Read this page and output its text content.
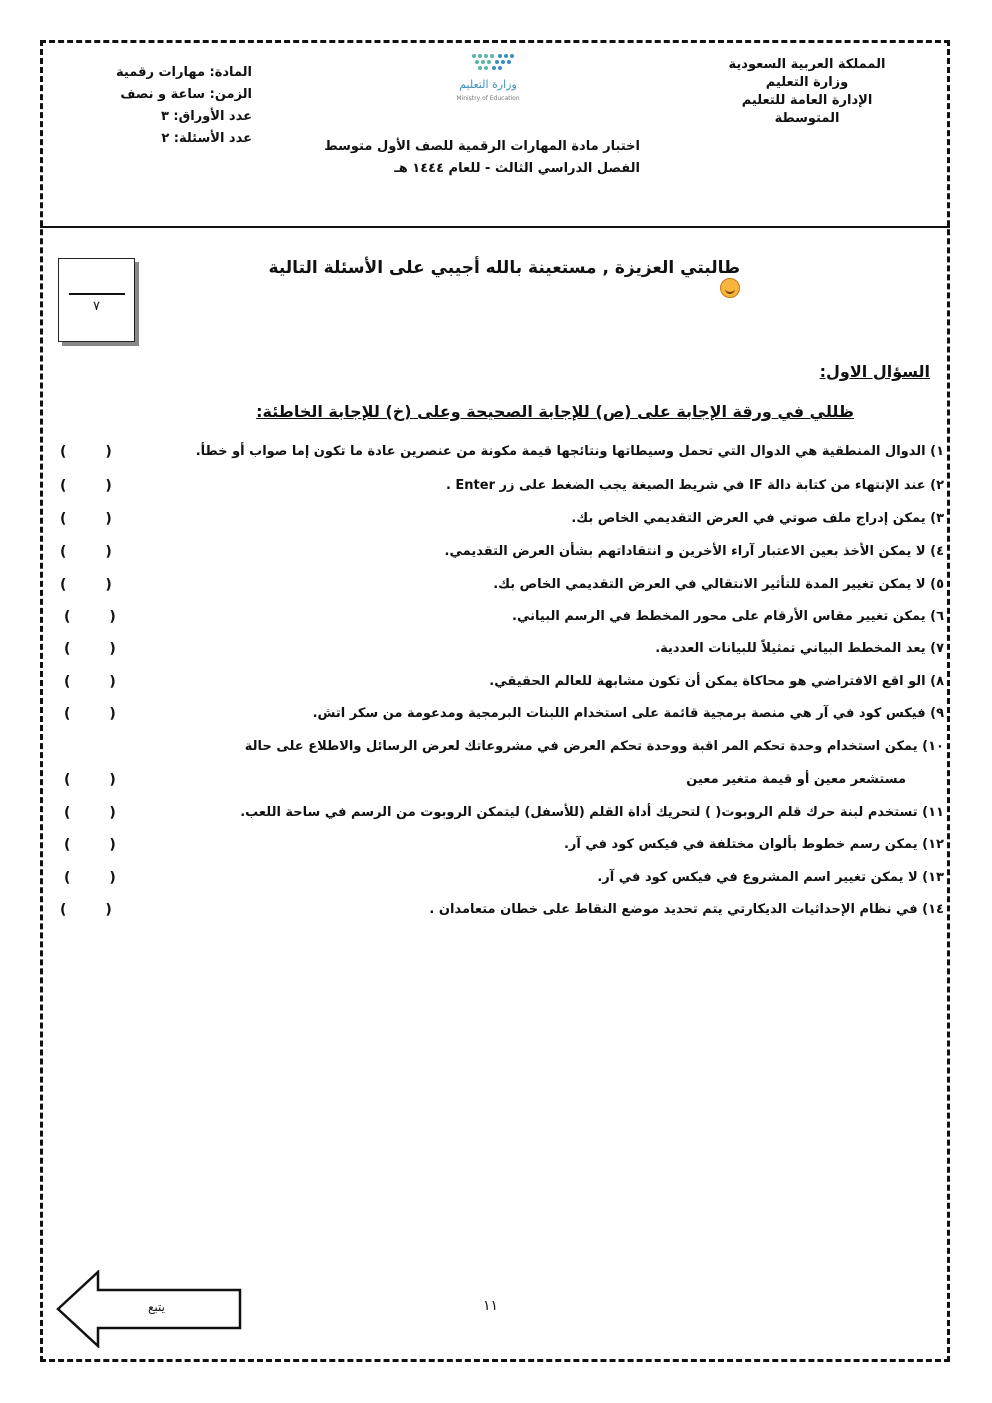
المملكة العربية السعودية
وزارة التعليم
الإدارة العامة للتعليم
المتوسطة
المادة: مهارات رقمية
الزمن: ساعة و نصف
عدد الأوراق: ٣
عدد الأسئلة: ٢
وزارة التعليم
Ministry of Education
اختبار مادة المهارات الرقمية للصف الأول متوسط
الفصل الدراسي الثالث - للعام ١٤٤٤ هـ
طالبتي العزيزة , مستعينة بالله أجيبي على الأسئلة التالية
٧
السؤال الاول:
ظللي في ورقة الإجابة على (ص) للإجابة الصحيحة وعلى (خ) للإجابة الخاطئة:
١) الدوال المنطقية هي الدوال التي تحمل وسيطاتها ونتائجها قيمة مكونة من عنصرين عادة ما تكون إما صواب أو خطأ.
٢) عند الإنتهاء من كتابة دالة IF في شريط الصيغة يجب الضغط على زر Enter .
٣) يمكن إدراج ملف صوتي في العرض التقديمي الخاص بك.
٤) لا يمكن الأخذ بعين الاعتبار آراء الأخرين و انتقاداتهم بشأن العرض التقديمي.
٥) لا يمكن تغيير المدة للتأثير الانتقالي في العرض التقديمي الخاص بك.
٦) يمكن تغيير مقاس الأرقام على محور المخطط في الرسم البياني.
٧) يعد المخطط البياني تمثيلاً للبيانات العددية.
٨) الو اقع الافتراضي هو محاكاة يمكن أن تكون مشابهة للعالم الحقيقي.
٩) فيكس كود في آر هي منصة برمجية قائمة على استخدام اللبنات البرمجية ومدعومة من سكر اتش.
١٠) يمكن استخدام وحدة تحكم المر اقبة ووحدة تحكم العرض في مشروعاتك لعرض الرسائل والاطلاع على حالة
مستشعر معين أو قيمة متغير معين
١١) تستخدم لبنة حرك قلم الروبوت( ) لتحريك أداة القلم (للأسفل) ليتمكن الروبوت من الرسم في ساحة اللعب.
١٢) يمكن رسم خطوط بألوان مختلفة في فيكس كود في آر.
١٣) لا يمكن تغيير اسم المشروع في فيكس كود في آر.
١٤) في نظام الإحداثيات الديكارتي يتم تحديد موضع النقاط على خطان متعامدان .
(        )
(        )
(        )
(        )
(        )
(        )
(        )
(        )
(        )
(        )
(        )
(        )
(        )
(        )
١١
يتبع
